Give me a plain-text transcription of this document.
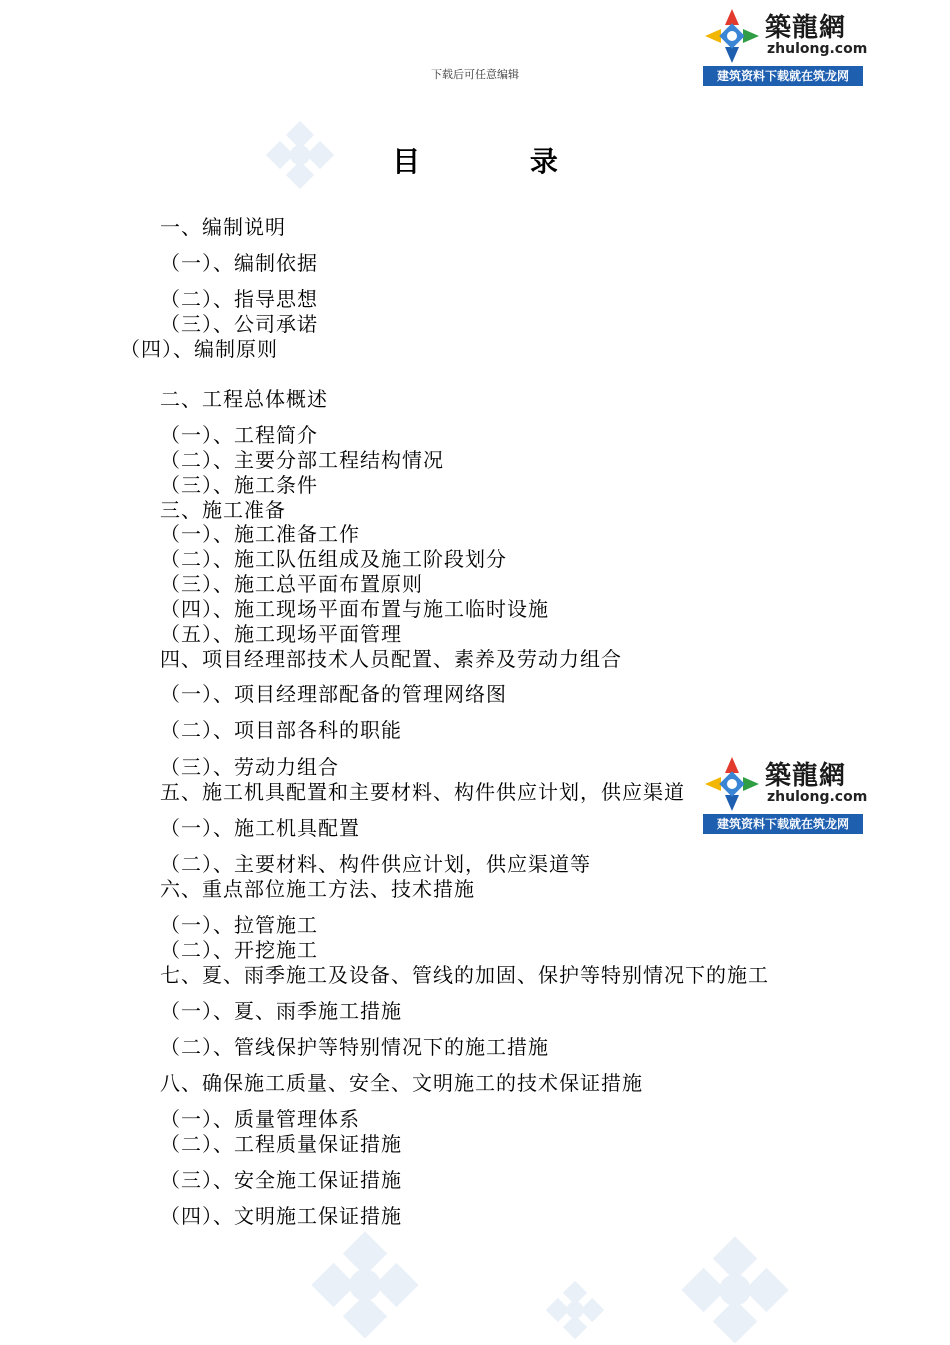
下载后可任意编辑
築龍網
zhulong.com
建筑资料下载就在筑龙网
築龍網
zhulong.com
建筑资料下载就在筑龙网
目 录
一、编制说明
（一）、编制依据
（二）、指导思想
（三）、公司承诺
（四）、编制原则
二、工程总体概述
（一）、工程简介
（二）、主要分部工程结构情况
（三）、施工条件
三、施工准备
（一）、施工准备工作
（二）、施工队伍组成及施工阶段划分
（三）、施工总平面布置原则
（四）、施工现场平面布置与施工临时设施
（五）、施工现场平面管理
四、项目经理部技术人员配置、素养及劳动力组合
（一）、项目经理部配备的管理网络图
（二）、项目部各科的职能
（三）、劳动力组合
五、施工机具配置和主要材料、构件供应计划，供应渠道
（一）、施工机具配置
（二）、主要材料、构件供应计划，供应渠道等
六、重点部位施工方法、技术措施
（一）、拉管施工
（二）、开挖施工
七、夏、雨季施工及设备、管线的加固、保护等特别情况下的施工
（一）、夏、雨季施工措施
（二）、管线保护等特别情况下的施工措施
八、确保施工质量、安全、文明施工的技术保证措施
（一）、质量管理体系
（二）、工程质量保证措施
（三）、安全施工保证措施
（四）、文明施工保证措施
